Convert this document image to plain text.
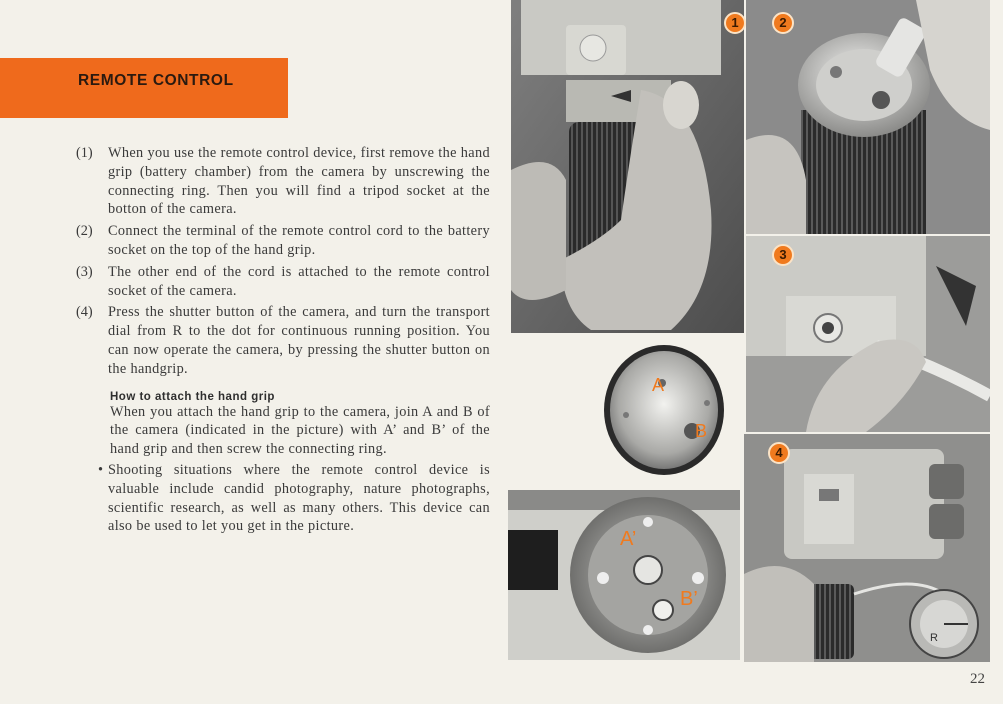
REMOTE CONTROL
(1)	When you use the remote control device, first remove the hand grip (battery chamber) from the camera by unscrewing the connecting ring. Then you will find a tripod socket at the botton of the camera.
(2)	Connect the terminal of the remote control cord to the battery socket on the top of the hand grip.
(3)	The other end of the cord is attached to the remote control socket of the camera.
(4)	Press the shutter button of the camera, and turn the transport dial from R to the dot for continuous running position. You can now operate the camera, by pressing the shutter button on the handgrip.
How to attach the hand grip
When you attach the hand grip to the camera, join A and B of the camera (indicated in the picture) with A’ and B’ of the hand grip and then screw the connecting ring.
• Shooting situations where the remote control device is valuable include candid photography, nature photographs, scientific research, as well as many others. This device can also be used to let you get in the picture.
2
1
3
A
B
A’
B’
4
R
22
